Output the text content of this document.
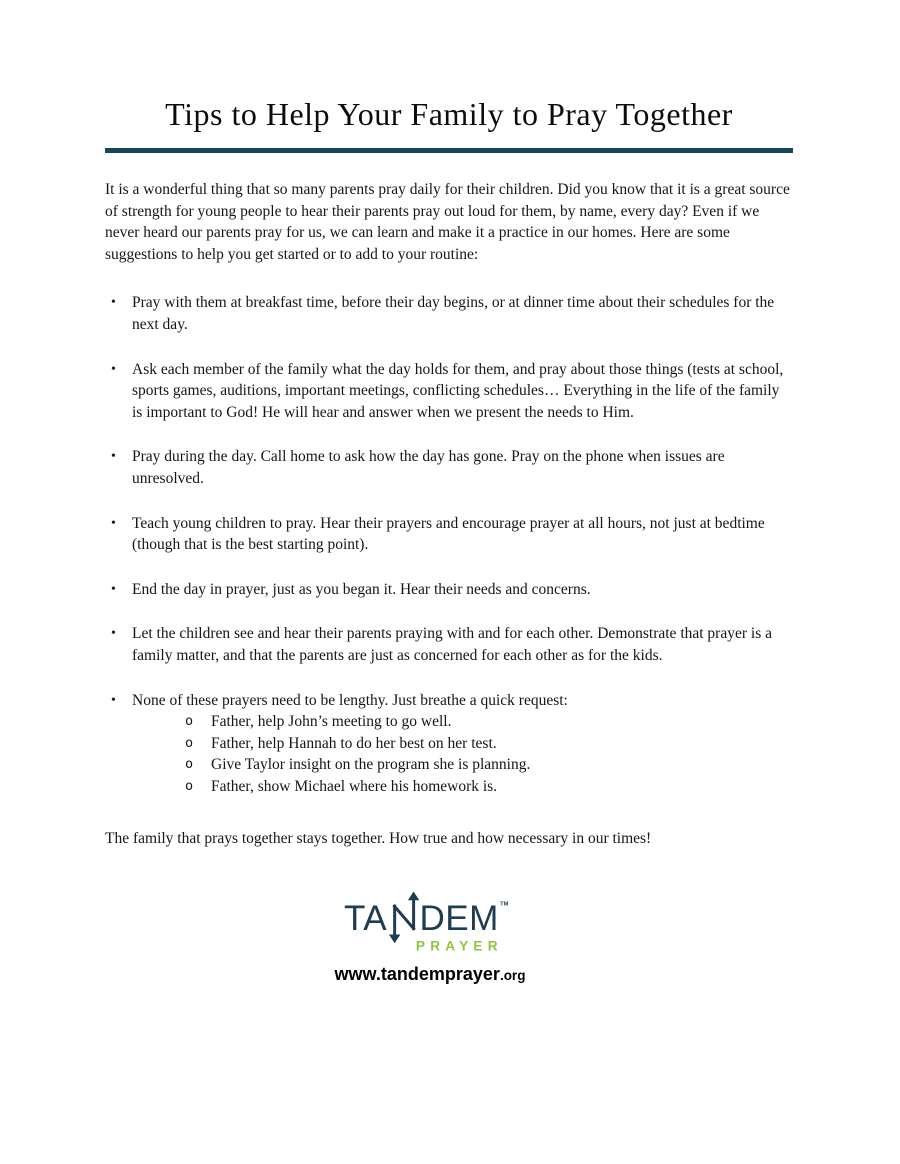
Tips to Help Your Family to Pray Together

It is a wonderful thing that so many parents pray daily for their children. Did you know that it is a great source of strength for young people to hear their parents pray out loud for them, by name, every day? Even if we never heard our parents pray for us, we can learn and make it a practice in our homes. Here are some suggestions to help you get started or to add to your routine:

•	Pray with them at breakfast time, before their day begins, or at dinner time about their schedules for the next day.
•	Ask each member of the family what the day holds for them, and pray about those things (tests at school, sports games, auditions, important meetings, conflicting schedules… Everything in the life of the family is important to God! He will hear and answer when we present the needs to Him.
•	Pray during the day. Call home to ask how the day has gone. Pray on the phone when issues are unresolved.
•	Teach young children to pray. Hear their prayers and encourage prayer at all hours, not just at bedtime (though that is the best starting point).
•	End the day in prayer, just as you began it. Hear their needs and concerns.
•	Let the children see and hear their parents praying with and for each other. Demonstrate that prayer is a family matter, and that the parents are just as concerned for each other as for the kids.
•	None of these prayers need to be lengthy. Just breathe a quick request:
o	Father, help John’s meeting to go well.
o	Father, help Hannah to do her best on her test.
o	Give Taylor insight on the program she is planning.
o	Father, show Michael where his homework is.

The family that prays together stays together. How true and how necessary in our times!

TA DEM TM
PRAYER
www.tandemprayer.org
